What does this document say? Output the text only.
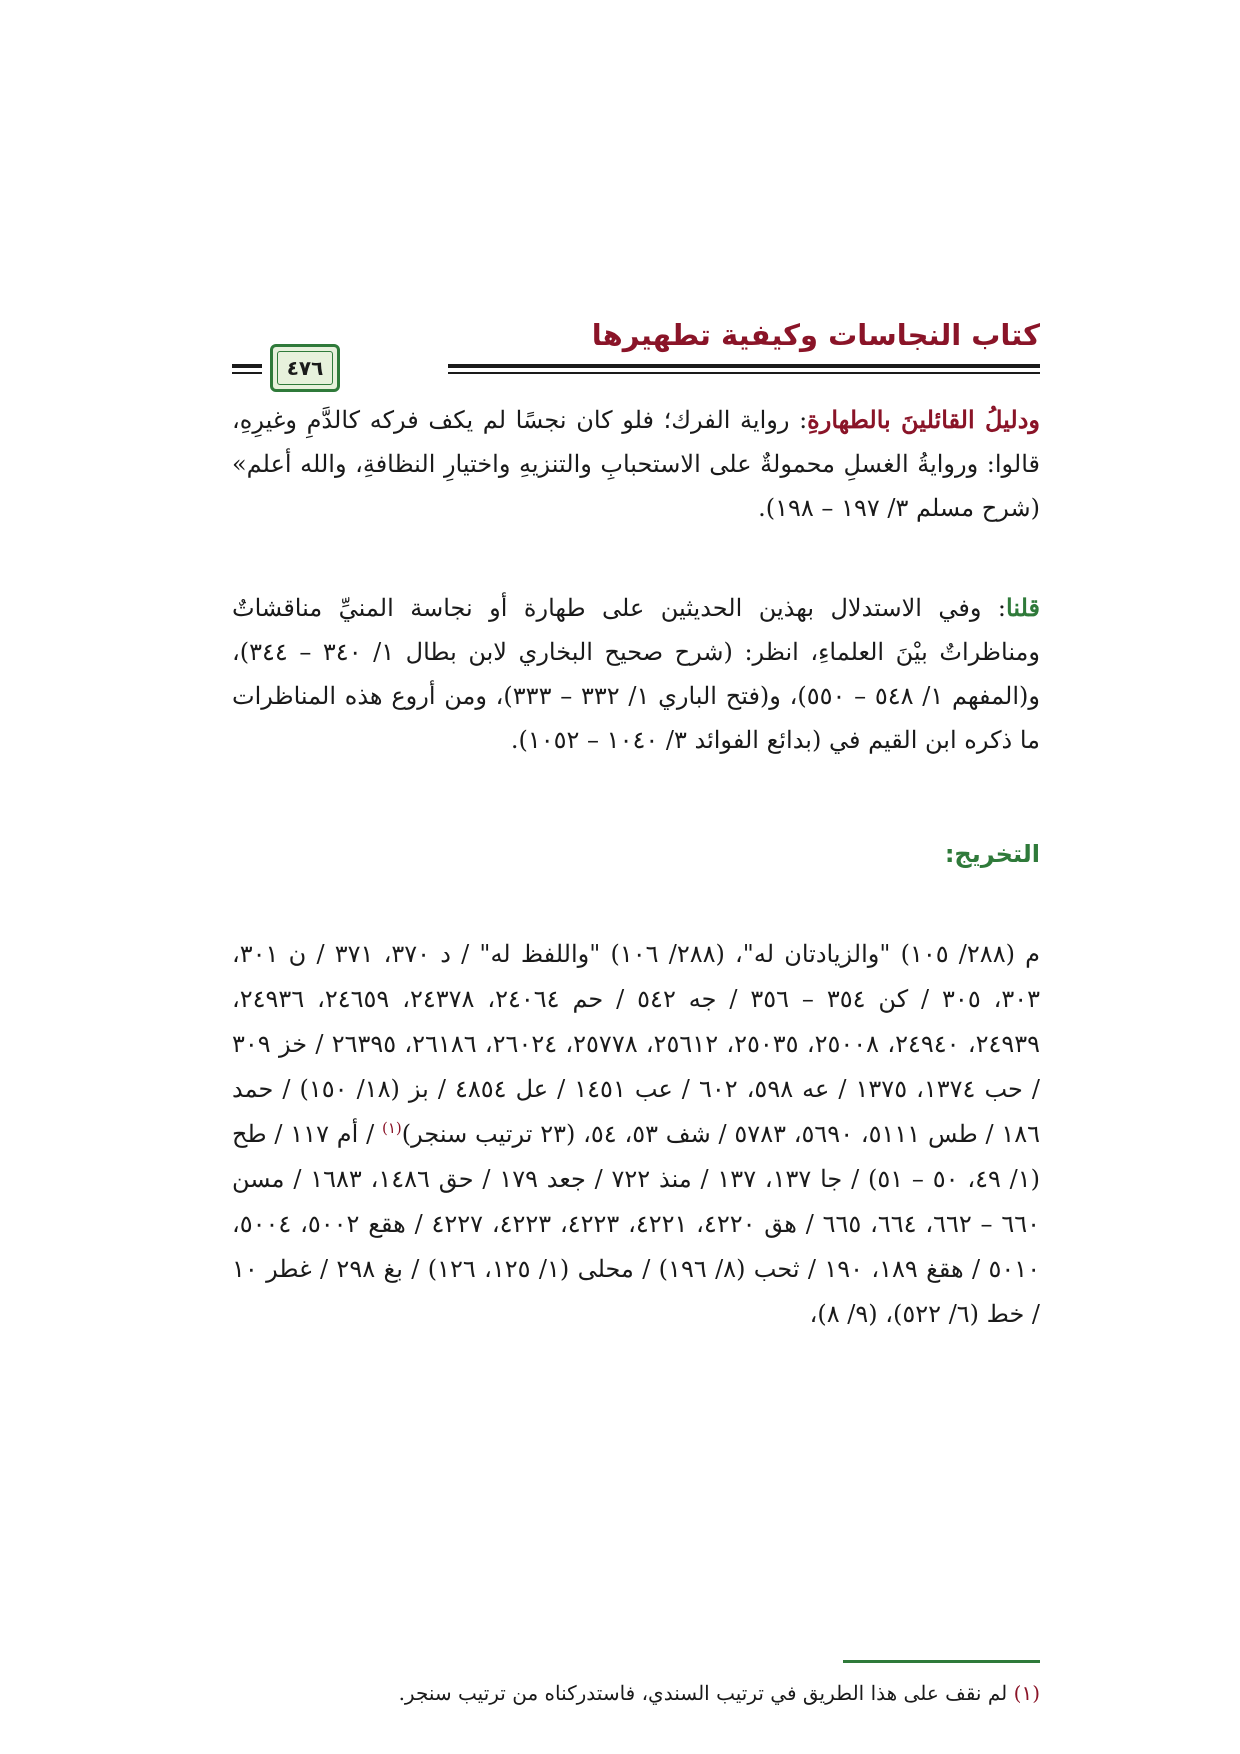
كتاب النجاسات وكيفية تطهيرها
٤٧٦
ودليلُ القائلينَ بالطهارةِ: رواية الفرك؛ فلو كان نجسًا لم يكف فركه كالدَّمِ وغيرِهِ، قالوا: وروايةُ الغسلِ محمولةٌ على الاستحبابِ والتنزيهِ واختيارِ النظافةِ، والله أعلم» (شرح مسلم ٣/ ١٩٧ – ١٩٨).
قلنا: وفي الاستدلال بهذين الحديثين على طهارة أو نجاسة المنيِّ مناقشاتٌ ومناظراتٌ بيْنَ العلماءِ، انظر: (شرح صحيح البخاري لابن بطال ١/ ٣٤٠ – ٣٤٤)، و(المفهم ١/ ٥٤٨ – ٥٥٠)، و(فتح الباري ١/ ٣٣٢ – ٣٣٣)، ومن أروع هذه المناظرات ما ذكره ابن القيم في (بدائع الفوائد ٣/ ١٠٤٠ – ١٠٥٢).
التخريج:
م (٢٨٨/ ١٠٥) "والزيادتان له"، (٢٨٨/ ١٠٦) "واللفظ له" / د ٣٧٠، ٣٧١ / ن ٣٠١، ٣٠٣، ٣٠٥ / كن ٣٥٤ – ٣٥٦ / جه ٥٤٢ / حم ٢٤٠٦٤، ٢٤٣٧٨، ٢٤٦٥٩، ٢٤٩٣٦، ٢٤٩٣٩، ٢٤٩٤٠، ٢٥٠٠٨، ٢٥٠٣٥، ٢٥٦١٢، ٢٥٧٧٨، ٢٦٠٢٤، ٢٦١٨٦، ٢٦٣٩٥ / خز ٣٠٩ / حب ١٣٧٤، ١٣٧٥ / عه ٥٩٨، ٦٠٢ / عب ١٤٥١ / عل ٤٨٥٤ / بز (١٨/ ١٥٠) / حمد ١٨٦ / طس ٥١١١، ٥٦٩٠، ٥٧٨٣ / شف ٥٣، ٥٤، (٢٣ ترتيب سنجر)$^{(١)}$ / أم ١١٧ / طح (١/ ٤٩، ٥٠ – ٥١) / جا ١٣٧، ١٣٧ / منذ ٧٢٢ / جعد ١٧٩ / حق ١٤٨٦، ١٦٨٣ / مسن ٦٦٠ – ٦٦٢، ٦٦٤، ٦٦٥ / هق ٤٢٢٠، ٤٢٢١، ٤٢٢٣، ٤٢٢٣، ٤٢٢٧ / هقع ٥٠٠٢، ٥٠٠٤، ٥٠١٠ / هقغ ١٨٩، ١٩٠ / ثحب (٨/ ١٩٦) / محلى (١/ ١٢٥، ١٢٦) / بغ ٢٩٨ / غطر ١٠ / خط (٦/ ٥٢٢)، (٩/ ٨)،
(١) لم نقف على هذا الطريق في ترتيب السندي، فاستدركناه من ترتيب سنجر.
